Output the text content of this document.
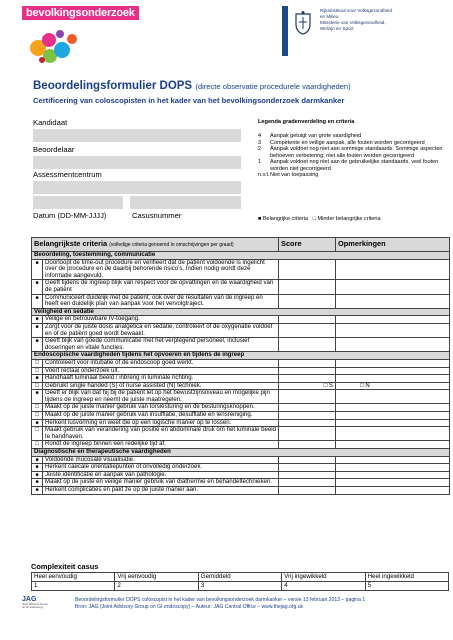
bevolkingsonderzoek	Rijksinstituut voor Volksgezondheid
en Milieu
Ministerie van Volksgezondheid,
Welzijn en Sport
Beoordelingsformulier DOPS (directe observatie procedurele vaardigheden)
Certificering van coloscopisten in het kader van het bevolkingsonderzoek darmkanker
Kandidaat
Beoordelaar
Assessmentcentrum
Datum (DD-MM-JJJJ)	Casusnummer
Legenda gradenverdeling en criteria
4	Aanpak getuigt van grote vaardigheid
3	Competente en veilige aanpak, alle fouten worden gecorrigeerd
2	Aanpak voldoet nog niet aan sommige standaards. Sommige aspecten behoeven verbetering, niet alle fouten worden gecorrigeerd
1	Aanpak voldoet nog niet aan de gebruikelijke standaards, veel fouten worden niet gecorrigeerd
n.v.t. Niet van toepassing
■ Belangrijke criteria □ Minder belangrijke criteria
Belangrijkste criteria (volledige criteria genoemd in omschrijvingen per graad)		Score	Opmerkingen
Beoordeling, toestemming, communicatie			
■	Doorloopt de time-out procedure en verifieert dat de patiënt voldoende is ingelicht over de procedure en de daarbij behorende risico’s. Indien nodig wordt deze informatie aangevuld.		
■	Geeft tijdens de ingreep blijk van respect voor de opvattingen en de waardigheid van de patiënt		
■	Communiceert duidelijk met de patiënt, ook over de resultaten van de ingreep en heeft een duidelijk plan van aanpak voor het vervolgtraject.		
Veiligheid en sedatie			
■	Veilige en betrouwbare IV-toegang.		
■	Zorgt voor de juiste dosis analgetica en sedatie, controleert of de oxygenatie voldoet en of de patiënt goed wordt bewaakt.		
■	Geeft blijk van goede communicatie met het verplegend personeel, inclusief doseringen en vitale functies.		
Endoscopische vaardigheden tijdens het opvoeren en tijdens de ingreep			
□	Controleert voor intubatie of de endoscoop goed werkt.		
□	Voert rectaal onderzoek uit.		
■	Handhaaft luminaal beeld / inbreng in luminale richting.		
□	Gebruikt single handed (S) of nurse assisted (N) techniek.	□ S	□ N
■	Geeft er blijk van dat hij bij de patiënt let op het bewustzijnsniveau en mogelijke pijn tijdens de ingreep en neemt de juiste maatregelen.		
□	Maakt op de juiste manier gebruik van torsiesturing en de besturingsknoppen.		
□	Maakt op de juiste manier gebruik van insufflatie, desufflatie en lensreiniging.		
■	Herkent lusvorming en weet die op een logische manier op te lossen.		
□	Maakt gebruik van verandering van positie en abdominale druk om het luminale beeld te handhaven.		
□	Rondt de ingreep binnen een redelijke tijd af.		
Diagnostische en therapeutische vaardigheden			
■	Voldoende mucosale visualisatie.		
■	Herkent caecale oriëntatiepunten of onvolledig onderzoek.		
■	Juiste identificatie en aanpak van pathologie.		
■	Maakt op de juiste en veilige manier gebruik van diathermie en behandeltechnieken.		
■	Herkent complicaties en pakt ze op de juiste manier aan.		
Complexiteit casus
Heel eenvoudig	Vrij eenvoudig	Gemiddeld	Vrij ingewikkeld	Heel ingewikkeld
1	2	3	4	5
JAG
Joint Advisory Group on GI endoscopy
Beoordelingsformulier DOPS coloscopist in het kader van bevolkingsonderzoek darmkanker – versie 13 februari 2013 – pagina 1
Bron: JAG (Joint Advisory Group on GI endoscopy) – Auteur: JAG Central Office – www.thejag.org.uk
